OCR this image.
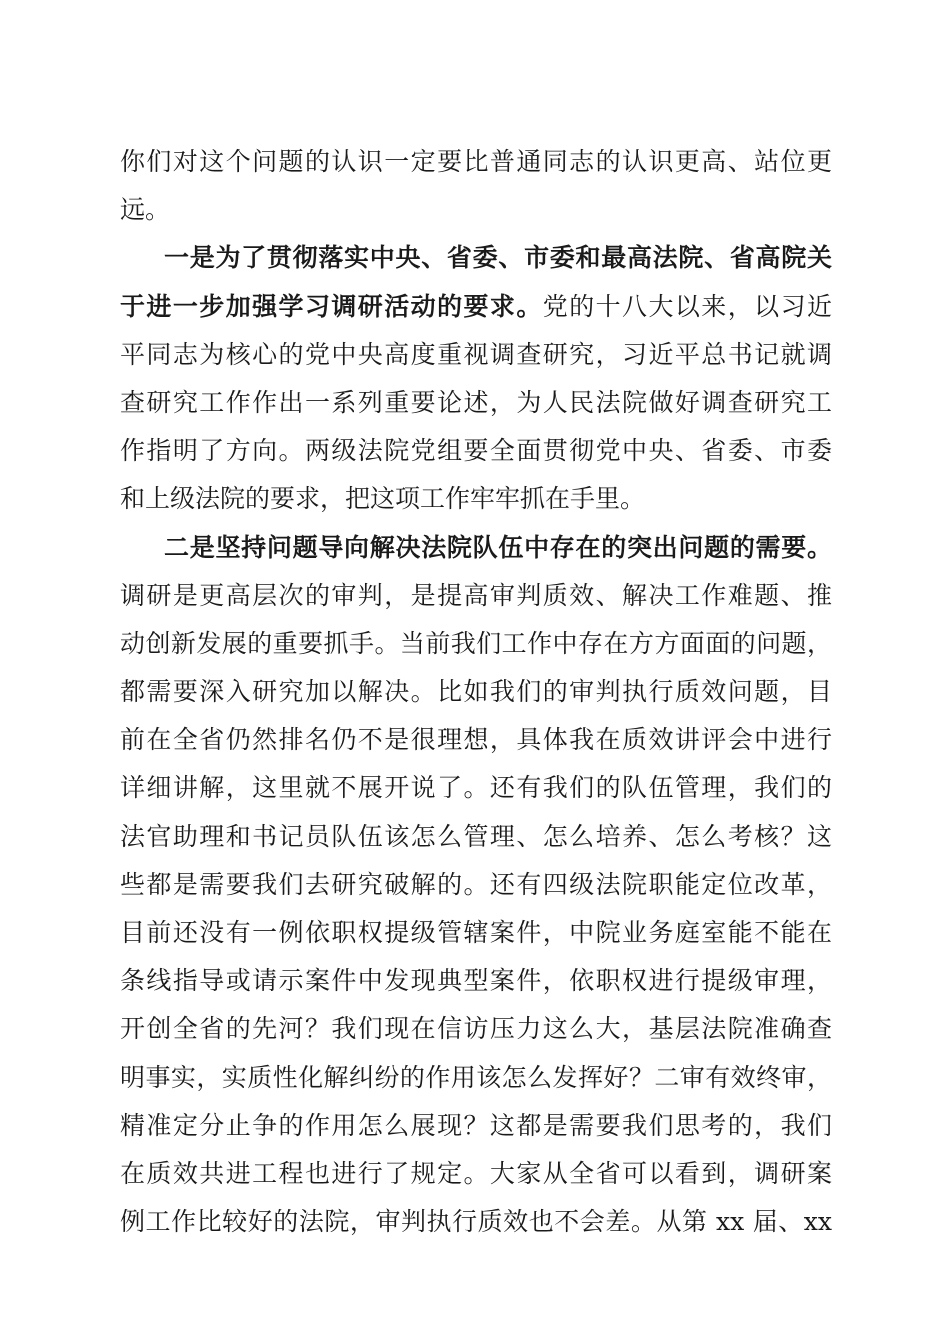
你们对这个问题的认识一定要比普通同志的认识更高、站位更
远。
一是为了贯彻落实中央、省委、市委和最高法院、省高院关
于进一步加强学习调研活动的要求。党的十八大以来，以习近
平同志为核心的党中央高度重视调查研究，习近平总书记就调
查研究工作作出一系列重要论述，为人民法院做好调查研究工
作指明了方向。两级法院党组要全面贯彻党中央、省委、市委
和上级法院的要求，把这项工作牢牢抓在手里。
二是坚持问题导向解决法院队伍中存在的突出问题的需要。
调研是更高层次的审判，是提高审判质效、解决工作难题、推
动创新发展的重要抓手。当前我们工作中存在方方面面的问题，
都需要深入研究加以解决。比如我们的审判执行质效问题，目
前在全省仍然排名仍不是很理想，具体我在质效讲评会中进行
详细讲解，这里就不展开说了。还有我们的队伍管理，我们的
法官助理和书记员队伍该怎么管理、怎么培养、怎么考核？这
些都是需要我们去研究破解的。还有四级法院职能定位改革，
目前还没有一例依职权提级管辖案件，中院业务庭室能不能在
条线指导或请示案件中发现典型案件，依职权进行提级审理，
开创全省的先河？我们现在信访压力这么大，基层法院准确查
明事实，实质性化解纠纷的作用该怎么发挥好？二审有效终审，
精准定分止争的作用怎么展现？这都是需要我们思考的，我们
在质效共进工程也进行了规定。大家从全省可以看到，调研案
例工作比较好的法院，审判执行质效也不会差。从第 xx 届、xx
